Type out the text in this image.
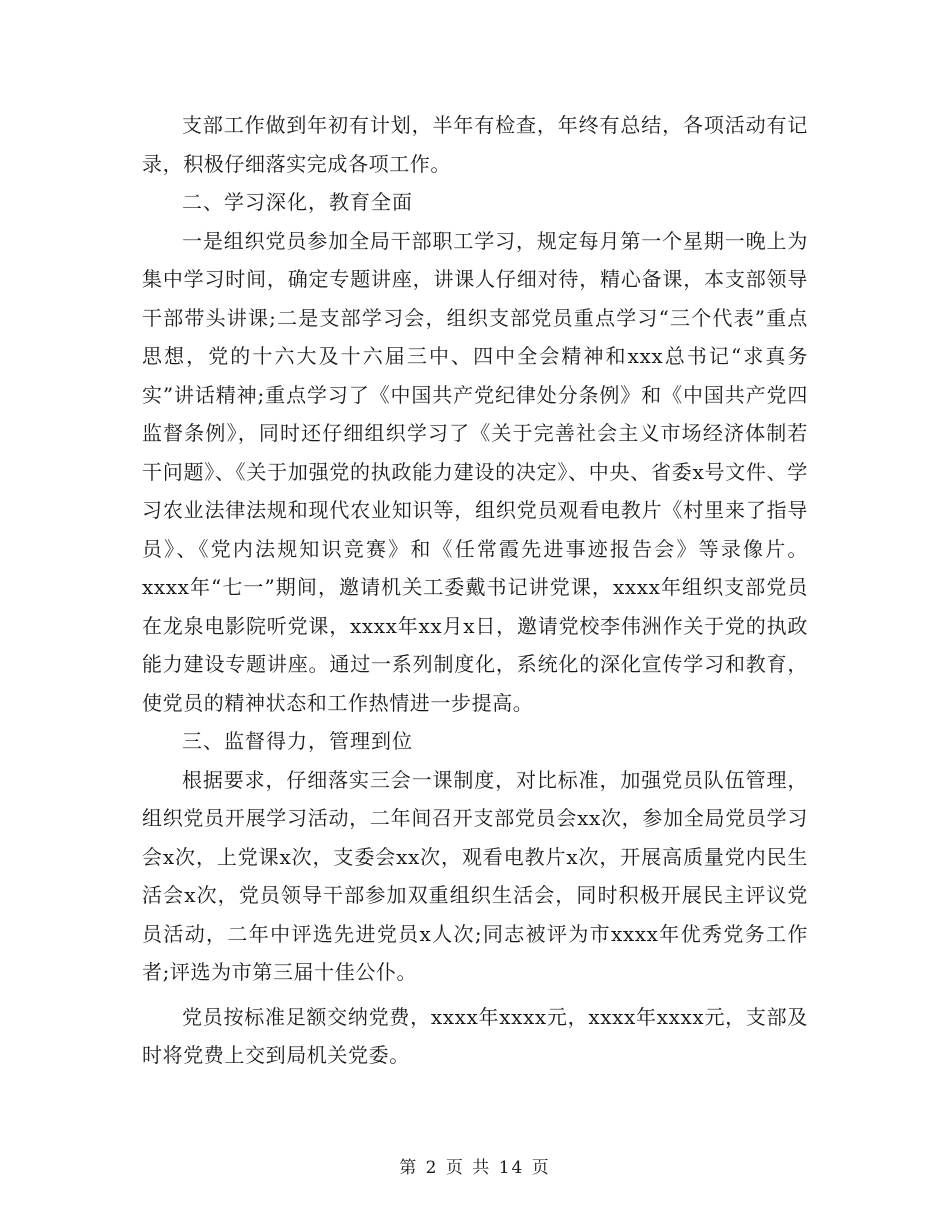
支部工作做到年初有计划，半年有检查，年终有总结，各项活动有记录，积极仔细落实完成各项工作。

二、学习深化，教育全面

一是组织党员参加全局干部职工学习，规定每月第一个星期一晚上为集中学习时间，确定专题讲座，讲课人仔细对待，精心备课，本支部领导干部带头讲课;二是支部学习会，组织支部党员重点学习“三个代表”重点思想，党的十六大及十六届三中、四中全会精神和xxx总书记“求真务实”讲话精神;重点学习了《中国共产党纪律处分条例》和《中国共产党四监督条例》，同时还仔细组织学习了《关于完善社会主义市场经济体制若干问题》、《关于加强党的执政能力建设的决定》、中央、省委x号文件、学习农业法律法规和现代农业知识等，组织党员观看电教片《村里来了指导员》、《党内法规知识竞赛》和《任常霞先进事迹报告会》等录像片。xxxx年“七一”期间，邀请机关工委戴书记讲党课，xxxx年组织支部党员在龙泉电影院听党课，xxxx年xx月x日，邀请党校李伟洲作关于党的执政能力建设专题讲座。通过一系列制度化，系统化的深化宣传学习和教育，使党员的精神状态和工作热情进一步提高。

三、监督得力，管理到位

根据要求，仔细落实三会一课制度，对比标准，加强党员队伍管理，组织党员开展学习活动，二年间召开支部党员会xx次，参加全局党员学习会x次，上党课x次，支委会xx次，观看电教片x次，开展高质量党内民生活会x次，党员领导干部参加双重组织生活会，同时积极开展民主评议党员活动，二年中评选先进党员x人次;同志被评为市xxxx年优秀党务工作者;评选为市第三届十佳公仆。

党员按标准足额交纳党费，xxxx年xxxx元，xxxx年xxxx元，支部及时将党费上交到局机关党委。

第 2 页 共 14 页
